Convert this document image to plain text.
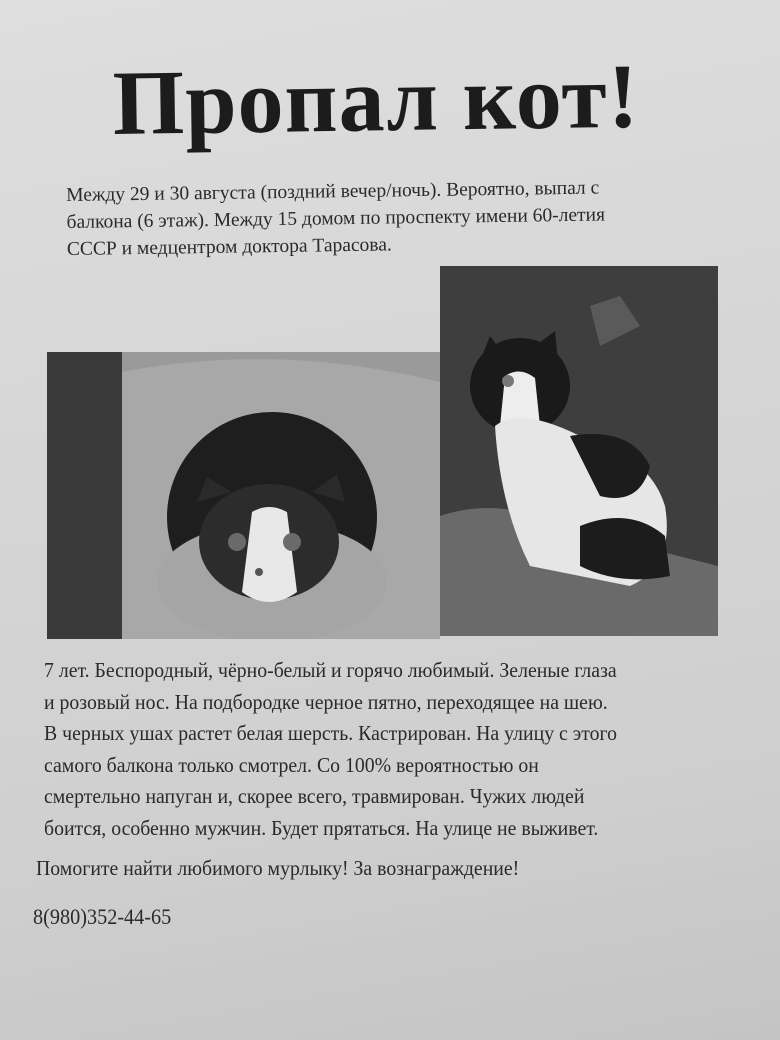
Пропал кот!
Между 29 и 30 августа (поздний вечер/ночь). Вероятно, выпал с
балкона (6 этаж). Между 15 домом по проспекту имени 60-летия
СССР и медцентром доктора Тарасова.
7 лет. Беспородный, чёрно-белый и горячо любимый. Зеленые глаза
и розовый нос. На подбородке черное пятно, переходящее на шею.
В черных ушах растет белая шерсть. Кастрирован. На улицу с этого
самого балкона только смотрел. Со 100% вероятностью он
смертельно напуган и, скорее всего, травмирован. Чужих людей
боится, особенно мужчин. Будет прятаться. На улице не выживет.
Помогите найти любимого мурлыку! За вознаграждение!
8(980)352-44-65
